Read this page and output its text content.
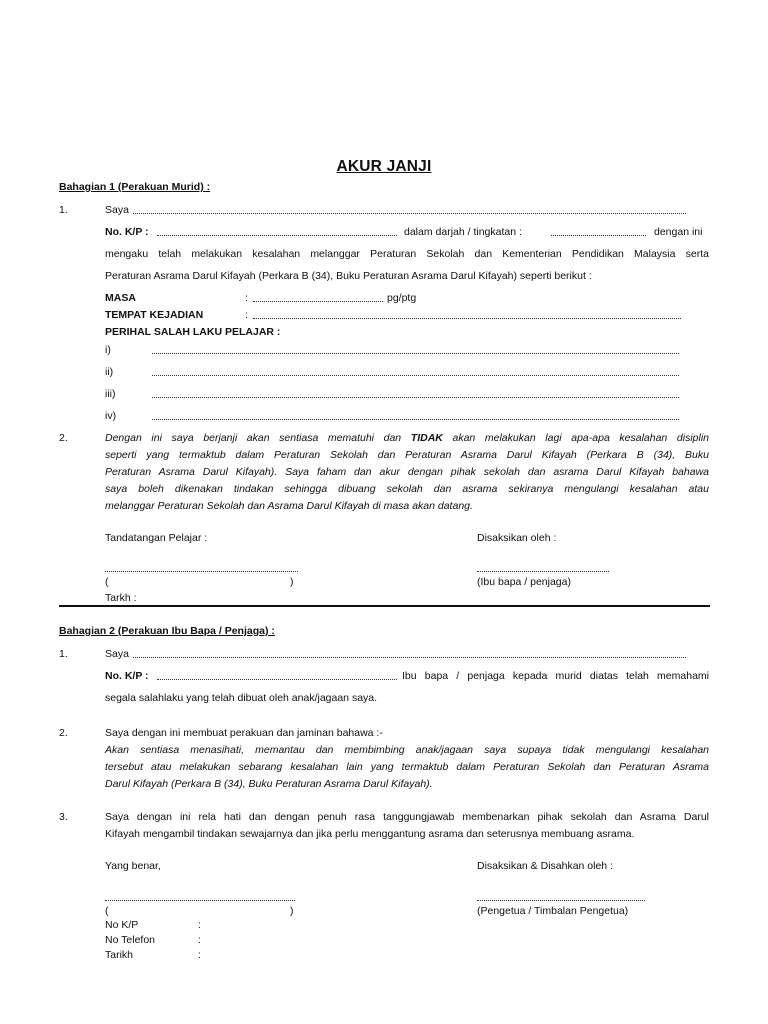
AKUR JANJI
Bahagian 1 (Perakuan Murid) :
1.	Saya
No. K/P :	dalam darjah / tingkatan :	dengan ini
mengaku telah melakukan kesalahan melanggar Peraturan Sekolah dan Kementerian Pendidikan Malaysia serta
Peraturan Asrama Darul Kifayah (Perkara B (34), Buku Peraturan Asrama Darul Kifayah) seperti berikut :
MASA	:	pg/ptg
TEMPAT KEJADIAN	:
PERIHAL SALAH LAKU PELAJAR :
i)
ii)
iii)
iv)
2.	Dengan ini saya berjanji akan sentiasa mematuhi dan TIDAK akan melakukan lagi apa-apa kesalahan disiplin
seperti yang termaktub dalam Peraturan Sekolah dan Peraturan Asrama Darul Kifayah (Perkara B (34), Buku
Peraturan Asrama Darul Kifayah). Saya faham dan akur dengan pihak sekolah dan asrama Darul Kifayah bahawa
saya boleh dikenakan tindakan sehingga dibuang sekolah dan asrama sekiranya mengulangi kesalahan atau
melanggar Peraturan Sekolah dan Asrama Darul Kifayah di masa akan datang.
Tandatangan Pelajar :	Disaksikan oleh :
(	)	(Ibu bapa / penjaga)
Tarkh :
Bahagian 2 (Perakuan Ibu Bapa / Penjaga) :
1.	Saya
No. K/P :	Ibu bapa / penjaga kepada murid diatas telah memahami
segala salahlaku yang telah dibuat oleh anak/jagaan saya.
2.	Saya dengan ini membuat perakuan dan jaminan bahawa :-
Akan sentiasa menasihati, memantau dan membimbing anak/jagaan saya supaya tidak mengulangi kesalahan
tersebut atau melakukan sebarang kesalahan lain yang termaktub dalam Peraturan Sekolah dan Peraturan Asrama
Darul Kifayah (Perkara B (34), Buku Peraturan Asrama Darul Kifayah).
3.	Saya dengan ini rela hati dan dengan penuh rasa tanggungjawab membenarkan pihak sekolah dan Asrama Darul
Kifayah mengambil tindakan sewajarnya dan jika perlu menggantung asrama dan seterusnya membuang asrama.
Yang benar,	Disaksikan & Disahkan oleh :
(	)	(Pengetua / Timbalan Pengetua)
No K/P	:
No Telefon	:
Tarikh	:
